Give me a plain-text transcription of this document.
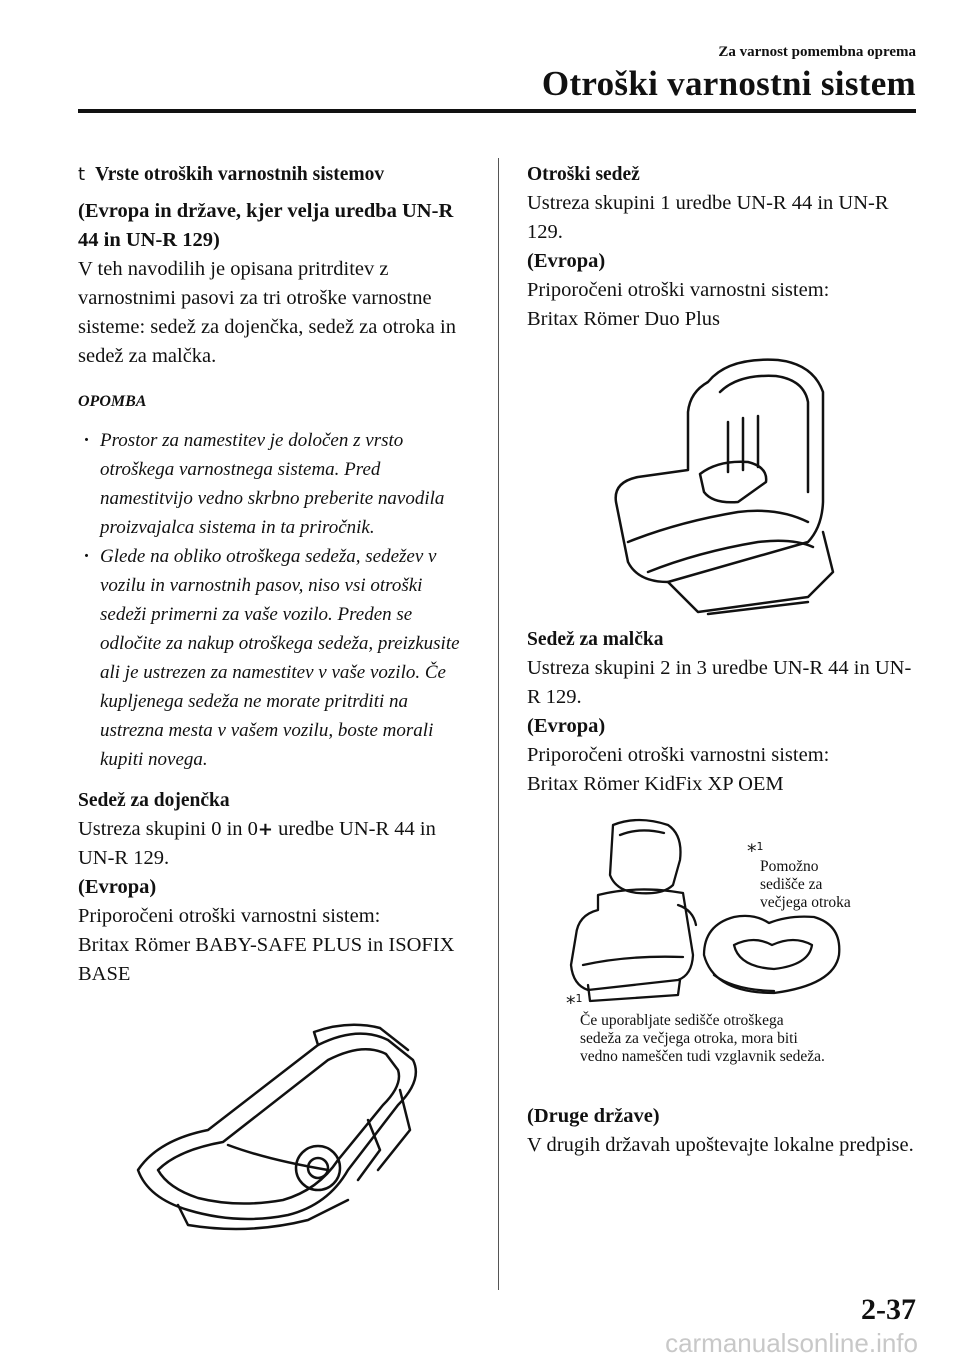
Za varnost pomembna oprema
Otroški varnostni sistem

t Vrste otroških varnostnih sistemov

(Evropa in države, kjer velja uredba UN-R 44 in UN-R 129)

V teh navodilih je opisana pritrditev z varnostnimi pasovi za tri otroške varnostne sisteme: sedež za dojenčka, sedež za otroka in sedež za malčka.

OPOMBA

· Prostor za namestitev je določen z vrsto otroškega varnostnega sistema. Pred namestitvijo vedno skrbno preberite navodila proizvajalca sistema in ta priročnik.
· Glede na obliko otroškega sedeža, sedežev v vozilu in varnostnih pasov, niso vsi otroški sedeži primerni za vaše vozilo. Preden se odločite za nakup otroškega sedeža, preizkusite ali je ustrezen za namestitev v vaše vozilo. Če kupljenega sedeža ne morate pritrditi na ustrezna mesta v vašem vozilu, boste morali kupiti novega.

Sedež za dojenčka

Ustreza skupini 0 in 0+ uredbe UN-R 44 in UN-R 129.

(Evropa)

Priporočeni otroški varnostni sistem:

Britax Römer BABY-SAFE PLUS in ISOFIX BASE

Otroški sedež

Ustreza skupini 1 uredbe UN-R 44 in UN-R 129.

(Evropa)

Priporočeni otroški varnostni sistem:

Britax Römer Duo Plus

Sedež za malčka

Ustreza skupini 2 in 3 uredbe UN-R 44 in UN-R 129.

(Evropa)

Priporočeni otroški varnostni sistem:

Britax Römer KidFix XP OEM

*$^1$
Pomožno
sedišče za
večjega otroka
*$^1$
Če uporabljate sedišče otroškega
sedeža za večjega otroka, mora biti
vedno nameščen tudi vzglavnik sedeža.

(Druge države)

V drugih državah upoštevajte lokalne predpise.

2-37
carmanualsonline.info
